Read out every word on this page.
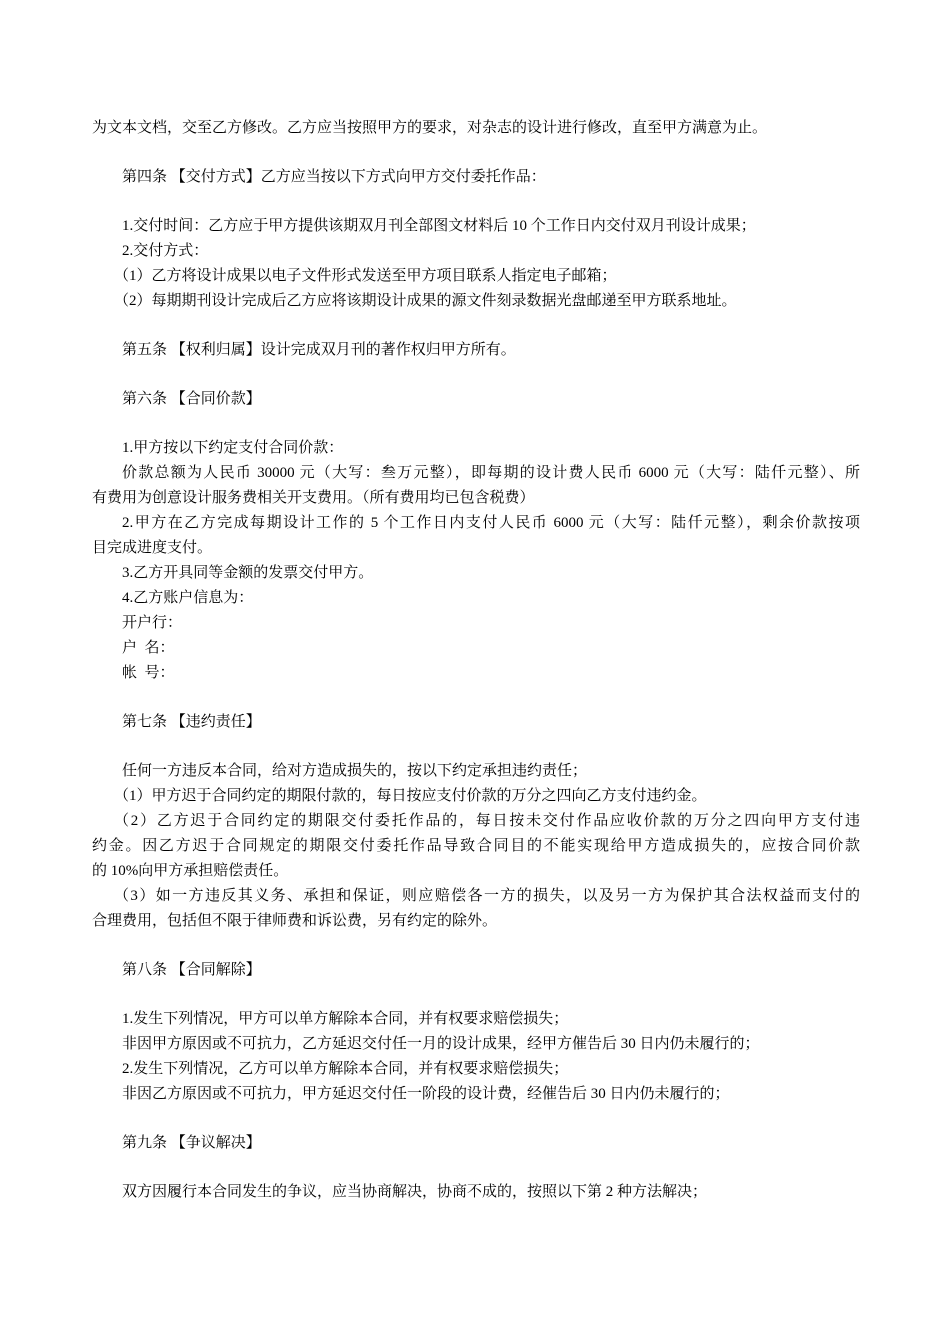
为文本文档，交至乙方修改。乙方应当按照甲方的要求，对杂志的设计进行修改，直至甲方满意为止。
第四条 【交付方式】乙方应当按以下方式向甲方交付委托作品：
1.交付时间：乙方应于甲方提供该期双月刊全部图文材料后 10 个工作日内交付双月刊设计成果；
2.交付方式：
（1）乙方将设计成果以电子文件形式发送至甲方项目联系人指定电子邮箱；
（2）每期期刊设计完成后乙方应将该期设计成果的源文件刻录数据光盘邮递至甲方联系地址。
第五条 【权利归属】设计完成双月刊的著作权归甲方所有。
第六条 【合同价款】
1.甲方按以下约定支付合同价款：
价款总额为人民币 30000 元（大写：叁万元整），即每期的设计费人民币 6000 元（大写：陆仟元整）、所
有费用为创意设计服务费相关开支费用。（所有费用均已包含税费）
2.甲方在乙方完成每期设计工作的 5 个工作日内支付人民币 6000 元（大写：陆仟元整），剩余价款按项
目完成进度支付。
3.乙方开具同等金额的发票交付甲方。
4.乙方账户信息为：
开户行：
户  名：
帐  号：
第七条 【违约责任】
任何一方违反本合同，给对方造成损失的，按以下约定承担违约责任；
（1）甲方迟于合同约定的期限付款的，每日按应支付价款的万分之四向乙方支付违约金。
（2）乙方迟于合同约定的期限交付委托作品的，每日按未交付作品应收价款的万分之四向甲方支付违
约金。因乙方迟于合同规定的期限交付委托作品导致合同目的不能实现给甲方造成损失的，应按合同价款
的 10%向甲方承担赔偿责任。
（3）如一方违反其义务、承担和保证，则应赔偿各一方的损失，以及另一方为保护其合法权益而支付的
合理费用，包括但不限于律师费和诉讼费，另有约定的除外。
第八条 【合同解除】
1.发生下列情况，甲方可以单方解除本合同，并有权要求赔偿损失；
非因甲方原因或不可抗力，乙方延迟交付任一月的设计成果，经甲方催告后 30 日内仍未履行的；
2.发生下列情况，乙方可以单方解除本合同，并有权要求赔偿损失；
非因乙方原因或不可抗力，甲方延迟交付任一阶段的设计费，经催告后 30 日内仍未履行的；
第九条 【争议解决】
双方因履行本合同发生的争议，应当协商解决，协商不成的，按照以下第 2 种方法解决；
